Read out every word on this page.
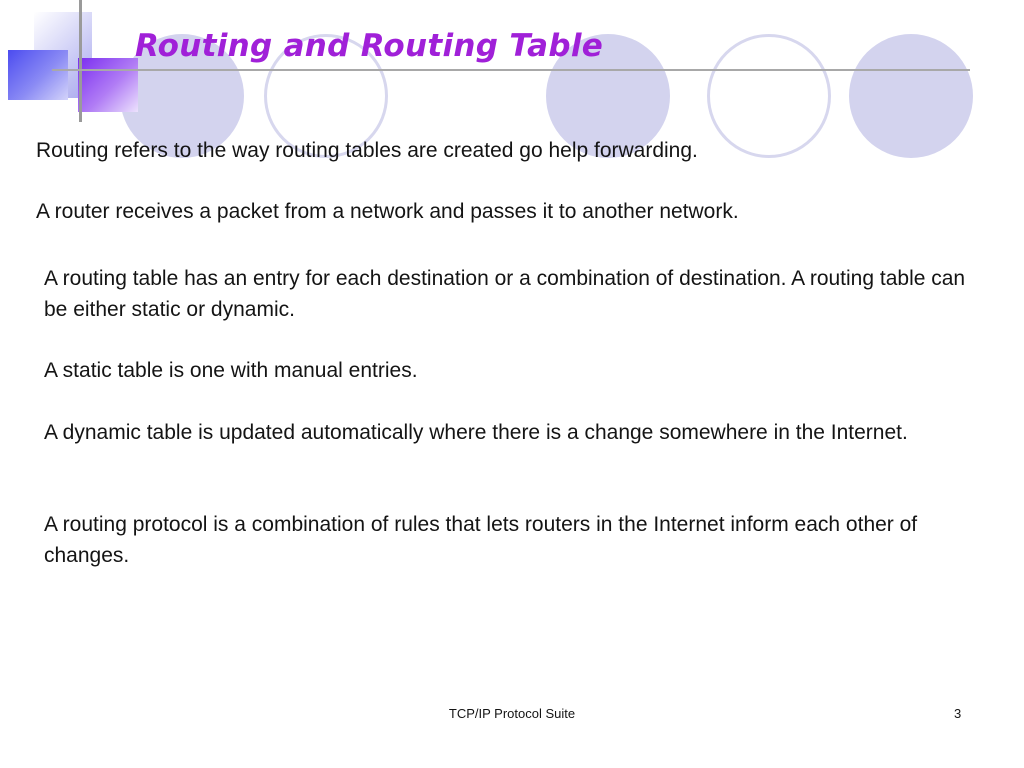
Routing and Routing Table

Routing refers to the way routing tables are created go help forwarding.

A router receives a packet from a network and passes it to another network.

A routing table has an entry for each destination or a combination of destination. A routing table can be either static or dynamic.

A static table is one with manual entries.

A dynamic table is updated automatically where there is a change somewhere in the Internet.

A routing protocol is a combination of rules that lets routers in the Internet inform each other of changes.

TCP/IP Protocol Suite	3
